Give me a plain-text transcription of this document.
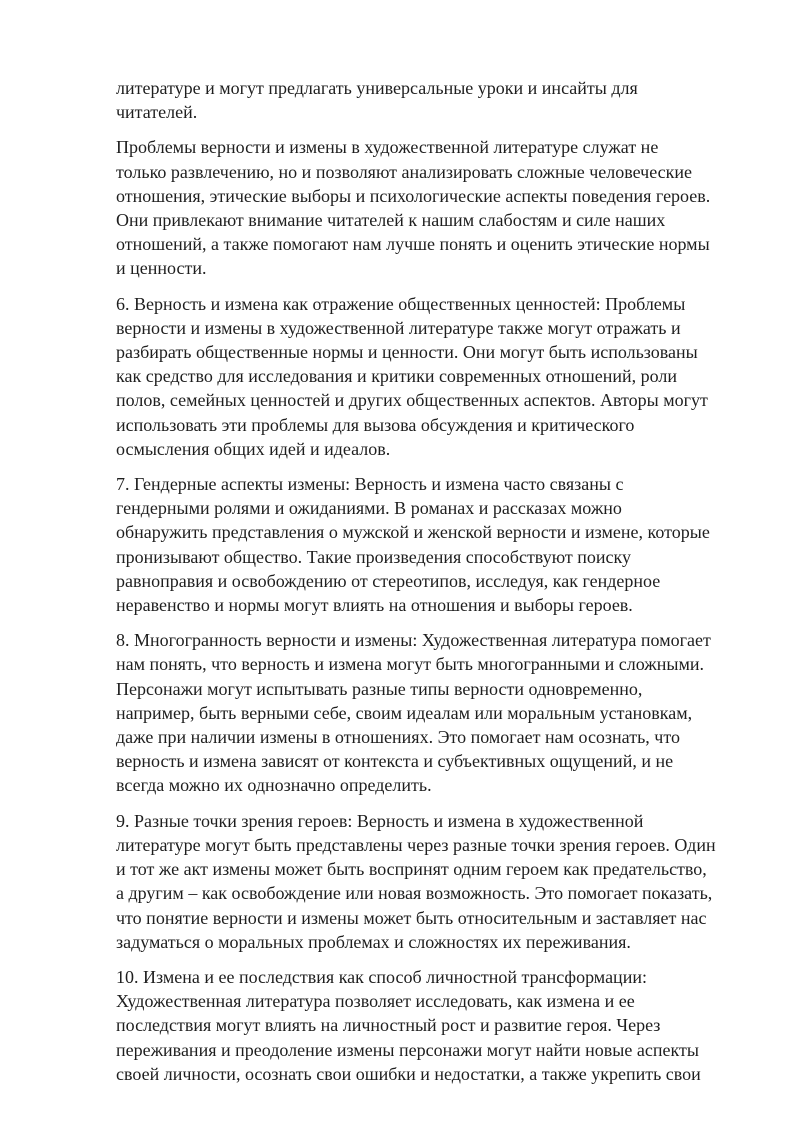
литературе и могут предлагать универсальные уроки и инсайты для
читателей.

Проблемы верности и измены в художественной литературе служат не
только развлечению, но и позволяют анализировать сложные человеческие
отношения, этические выборы и психологические аспекты поведения героев.
Они привлекают внимание читателей к нашим слабостям и силе наших
отношений, а также помогают нам лучше понять и оценить этические нормы
и ценности.

6. Верность и измена как отражение общественных ценностей: Проблемы
верности и измены в художественной литературе также могут отражать и
разбирать общественные нормы и ценности. Они могут быть использованы
как средство для исследования и критики современных отношений, роли
полов, семейных ценностей и других общественных аспектов. Авторы могут
использовать эти проблемы для вызова обсуждения и критического
осмысления общих идей и идеалов.

7. Гендерные аспекты измены: Верность и измена часто связаны с
гендерными ролями и ожиданиями. В романах и рассказах можно
обнаружить представления о мужской и женской верности и измене, которые
пронизывают общество. Такие произведения способствуют поиску
равноправия и освобождению от стереотипов, исследуя, как гендерное
неравенство и нормы могут влиять на отношения и выборы героев.

8. Многогранность верности и измены: Художественная литература помогает
нам понять, что верность и измена могут быть многогранными и сложными.
Персонажи могут испытывать разные типы верности одновременно,
например, быть верными себе, своим идеалам или моральным установкам,
даже при наличии измены в отношениях. Это помогает нам осознать, что
верность и измена зависят от контекста и субъективных ощущений, и не
всегда можно их однозначно определить.

9. Разные точки зрения героев: Верность и измена в художественной
литературе могут быть представлены через разные точки зрения героев. Один
и тот же акт измены может быть воспринят одним героем как предательство,
а другим – как освобождение или новая возможность. Это помогает показать,
что понятие верности и измены может быть относительным и заставляет нас
задуматься о моральных проблемах и сложностях их переживания.

10. Измена и ее последствия как способ личностной трансформации:
Художественная литература позволяет исследовать, как измена и ее
последствия могут влиять на личностный рост и развитие героя. Через
переживания и преодоление измены персонажи могут найти новые аспекты
своей личности, осознать свои ошибки и недостатки, а также укрепить свои
